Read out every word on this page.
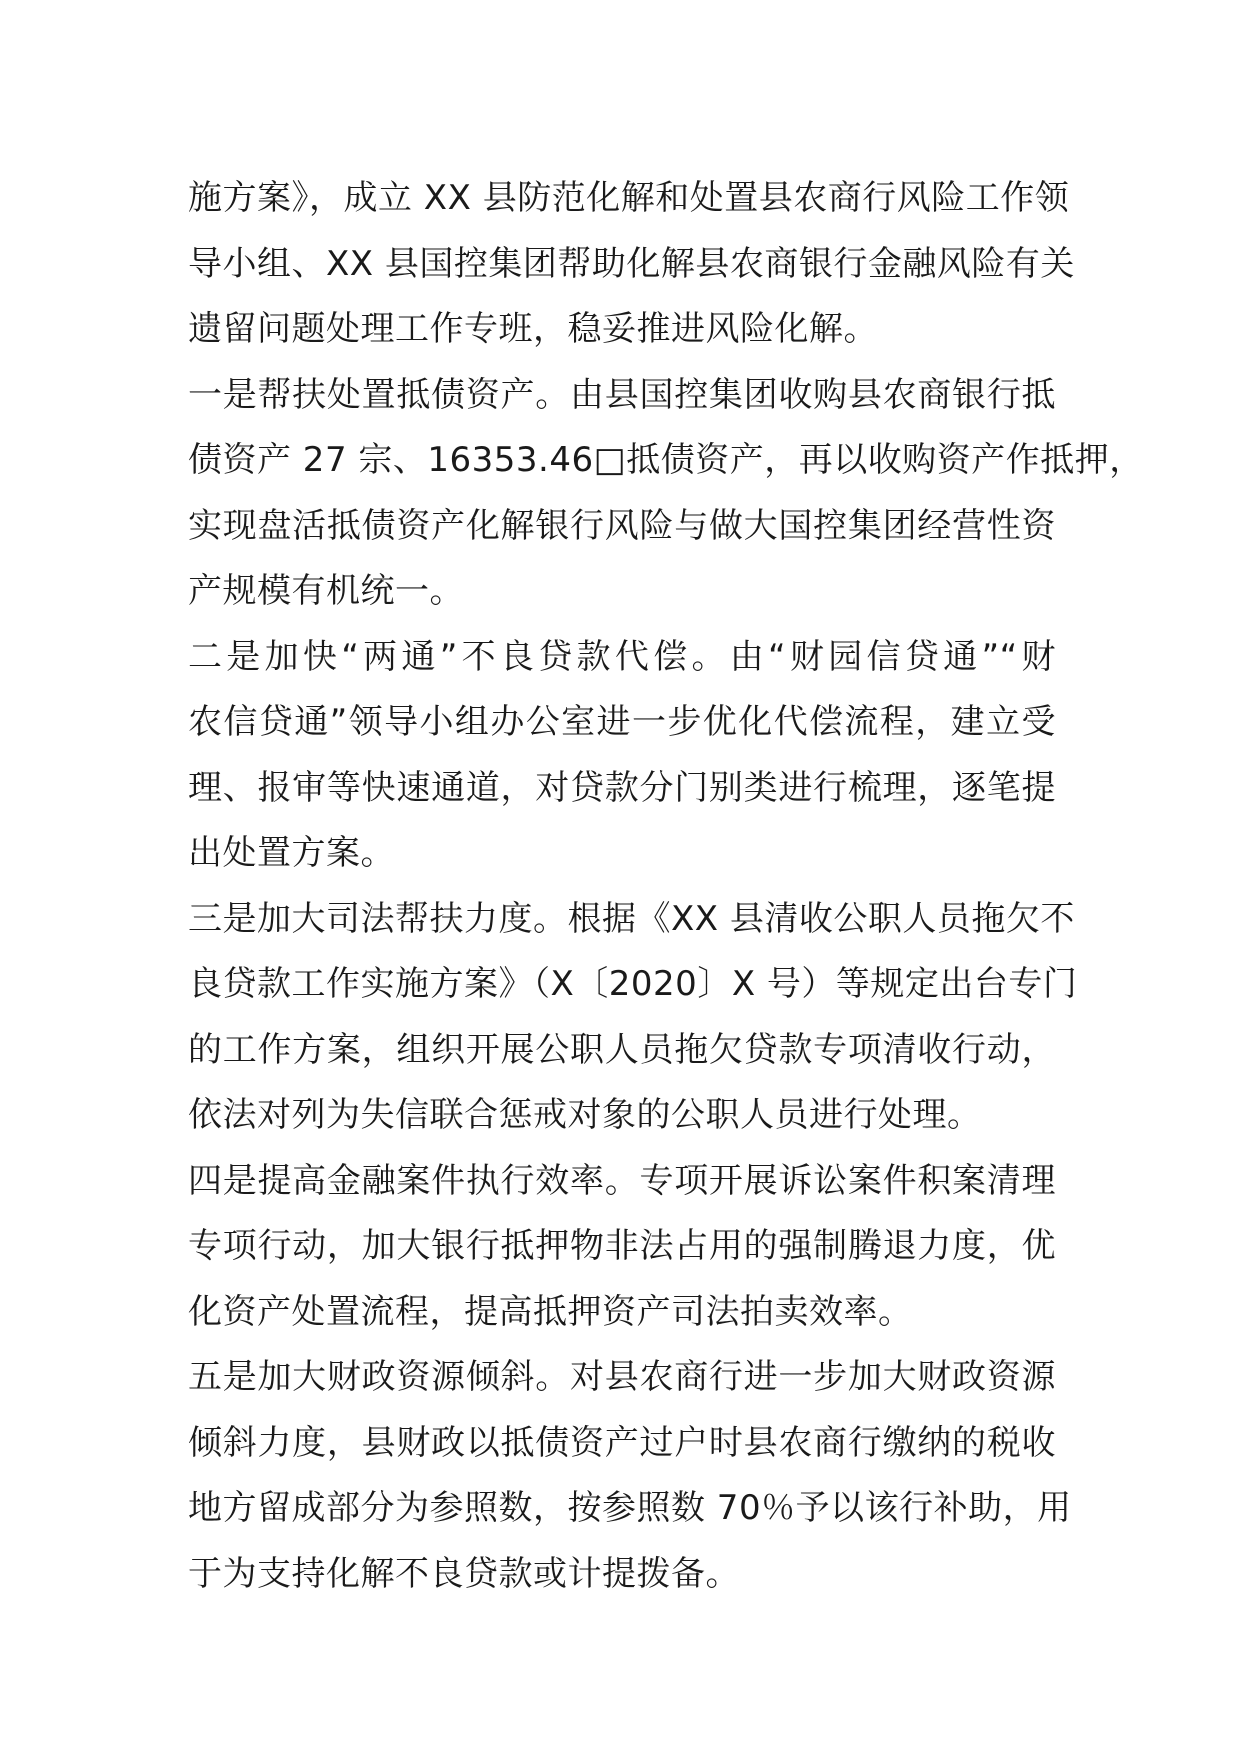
施方案》，成立 XX 县防范化解和处置县农商行风险工作领
导小组、XX 县国控集团帮助化解县农商银行金融风险有关
遗留问题处理工作专班，稳妥推进风险化解。
一是帮扶处置抵债资产。由县国控集团收购县农商银行抵
债资产 27 宗、16353.46□抵债资产，再以收购资产作抵押，
实现盘活抵债资产化解银行风险与做大国控集团经营性资
产规模有机统一。
二是加快“两通”不良贷款代偿。由“财园信贷通”“财
农信贷通”领导小组办公室进一步优化代偿流程，建立受
理、报审等快速通道，对贷款分门别类进行梳理，逐笔提
出处置方案。
三是加大司法帮扶力度。根据《XX 县清收公职人员拖欠不
良贷款工作实施方案》（X〔2020〕X 号）等规定出台专门
的工作方案，组织开展公职人员拖欠贷款专项清收行动，
依法对列为失信联合惩戒对象的公职人员进行处理。
四是提高金融案件执行效率。专项开展诉讼案件积案清理
专项行动，加大银行抵押物非法占用的强制腾退力度，优
化资产处置流程，提高抵押资产司法拍卖效率。
五是加大财政资源倾斜。对县农商行进一步加大财政资源
倾斜力度，县财政以抵债资产过户时县农商行缴纳的税收
地方留成部分为参照数，按参照数 70％予以该行补助，用
于为支持化解不良贷款或计提拨备。
